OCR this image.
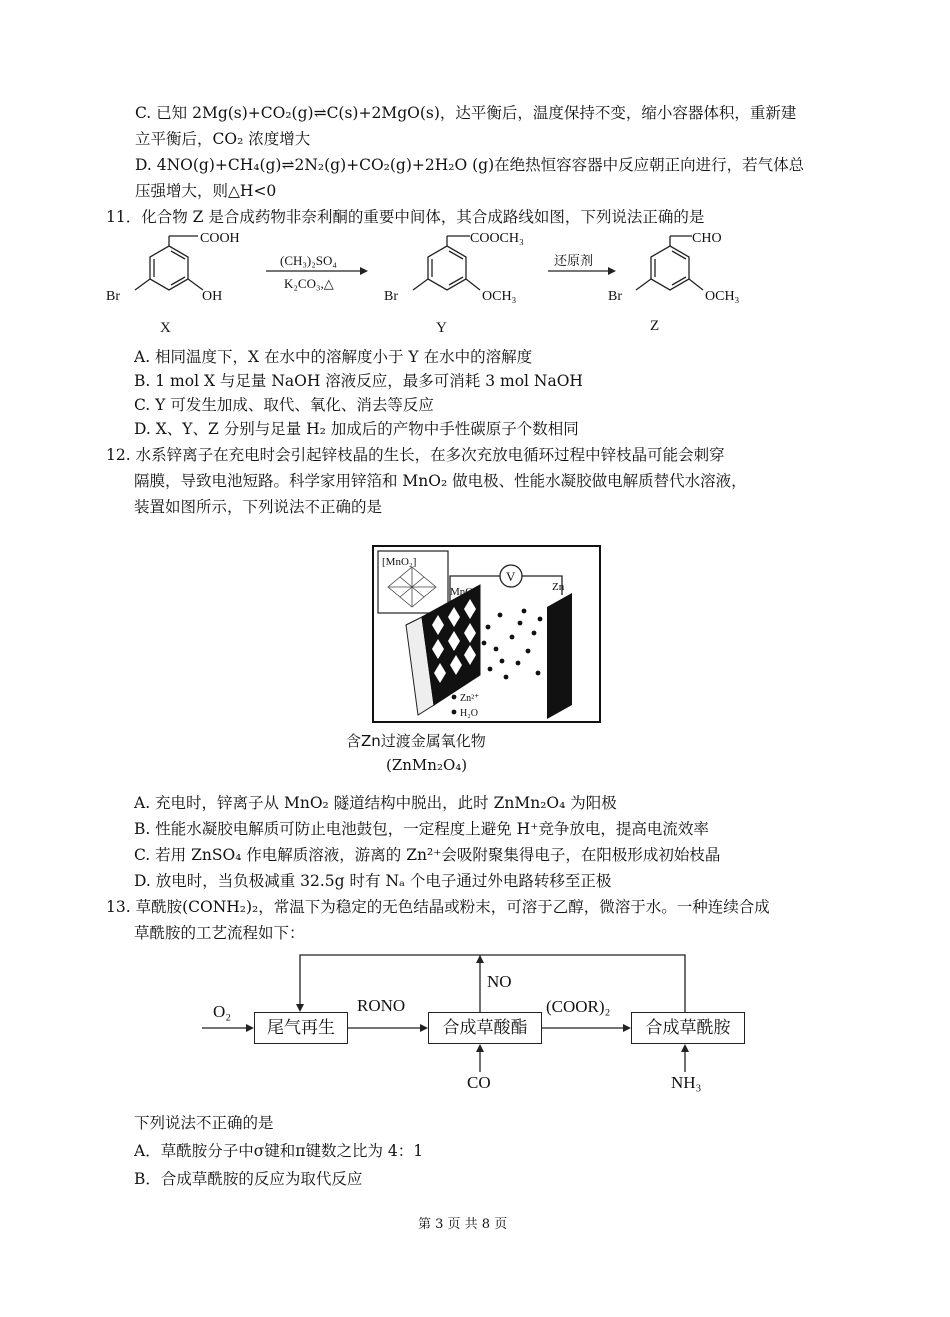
C. 已知 2Mg(s)+CO₂(g)⇌C(s)+2MgO(s)，达平衡后，温度保持不变，缩小容器体积，重新建
立平衡后，CO₂ 浓度增大
D. 4NO(g)+CH₄(g)⇌2N₂(g)+CO₂(g)+2H₂O (g)在绝热恒容容器中反应朝正向进行，若气体总
压强增大，则△H<0
11．化合物 Z 是合成药物非奈利酮的重要中间体，其合成路线如图，下列说法正确的是
COOH
OH
Br
X
(CH₃)₂SO₄
K₂CO₃,△
COOCH₃
OCH₃
Br
Y
还原剂
CHO
OCH₃
Br
Z
A. 相同温度下，X 在水中的溶解度小于 Y 在水中的溶解度
B. 1 mol X 与足量 NaOH 溶液反应，最多可消耗 3 mol NaOH
C. Y 可发生加成、取代、氧化、消去等反应
D. X、Y、Z 分别与足量 H₂ 加成后的产物中手性碳原子个数相同
12. 水系锌离子在充电时会引起锌枝晶的生长，在多次充放电循环过程中锌枝晶可能会刺穿
隔膜，导致电池短路。科学家用锌箔和 MnO₂ 做电极、性能水凝胶做电解质替代水溶液，
装置如图所示，下列说法不正确的是
V
[MnO₂]
MnO₂	Zn
Zn²⁺
H₂O
含Zn过渡金属氧化物
(ZnMn₂O₄)
A. 充电时，锌离子从 MnO₂ 隧道结构中脱出，此时 ZnMn₂O₄ 为阳极
B. 性能水凝胶电解质可防止电池鼓包，一定程度上避免 H⁺竞争放电，提高电流效率
C. 若用 ZnSO₄ 作电解质溶液，游离的 Zn²⁺会吸附聚集得电子，在阳极形成初始枝晶
D. 放电时，当负极减重 32.5g 时有 Nₐ 个电子通过外电路转移至正极
13. 草酰胺(CONH₂)₂，常温下为稳定的无色结晶或粉末，可溶于乙醇，微溶于水。一种连续合成
草酰胺的工艺流程如下：
尾气再生	合成草酸酯	合成草酰胺
O₂	RONO
NO
(COOR)₂
CO	NH₃
下列说法不正确的是
A．草酰胺分子中σ键和π键数之比为 4：1
B．合成草酰胺的反应为取代反应
第 3 页 共 8 页
